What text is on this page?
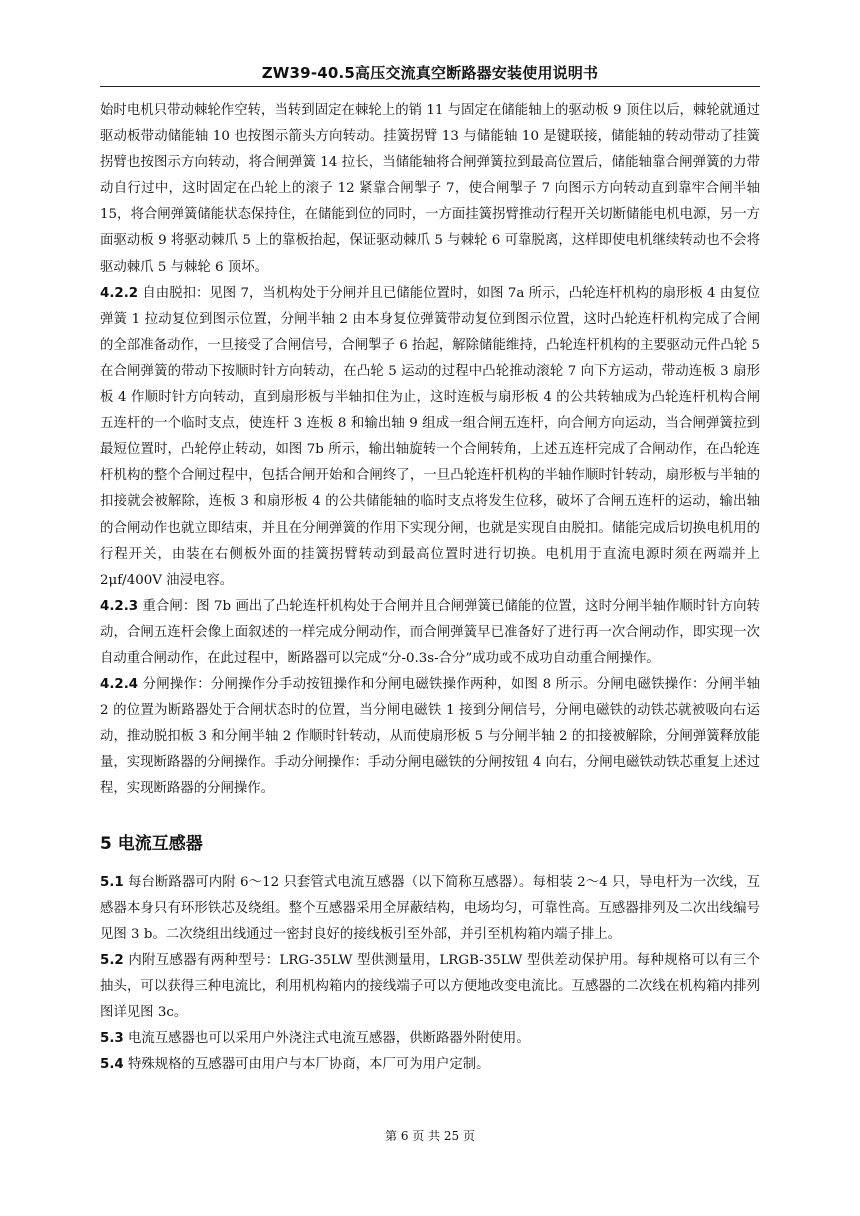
ZW39-40.5高压交流真空断路器安装使用说明书

始时电机只带动棘轮作空转，当转到固定在棘轮上的销 11 与固定在储能轴上的驱动板 9 顶住以后，棘轮就通过驱动板带动储能轴 10 也按图示箭头方向转动。挂簧拐臂 13 与储能轴 10 是键联接，储能轴的转动带动了挂簧拐臂也按图示方向转动，将合闸弹簧 14 拉长，当储能轴将合闸弹簧拉到最高位置后，储能轴靠合闸弹簧的力带动自行过中，这时固定在凸轮上的滚子 12 紧靠合闸掣子 7，使合闸掣子 7 向图示方向转动直到靠牢合闸半轴 15，将合闸弹簧储能状态保持住，在储能到位的同时，一方面挂簧拐臂推动行程开关切断储能电机电源，另一方面驱动板 9 将驱动棘爪 5 上的靠板抬起，保证驱动棘爪 5 与棘轮 6 可靠脱离，这样即使电机继续转动也不会将驱动棘爪 5 与棘轮 6 顶坏。

4.2.2 自由脱扣：见图 7，当机构处于分闸并且已储能位置时，如图 7a 所示，凸轮连杆机构的扇形板 4 由复位弹簧 1 拉动复位到图示位置，分闸半轴 2 由本身复位弹簧带动复位到图示位置，这时凸轮连杆机构完成了合闸的全部准备动作，一旦接受了合闸信号，合闸掣子 6 抬起，解除储能维持，凸轮连杆机构的主要驱动元件凸轮 5 在合闸弹簧的带动下按顺时针方向转动，在凸轮 5 运动的过程中凸轮推动滚轮 7 向下方运动，带动连板 3 扇形板 4 作顺时针方向转动，直到扇形板与半轴扣住为止，这时连板与扇形板 4 的公共转轴成为凸轮连杆机构合闸五连杆的一个临时支点，使连杆 3 连板 8 和输出轴 9 组成一组合闸五连杆，向合闸方向运动，当合闸弹簧拉到最短位置时，凸轮停止转动，如图 7b 所示，输出轴旋转一个合闸转角，上述五连杆完成了合闸动作，在凸轮连杆机构的整个合闸过程中，包括合闸开始和合闸终了，一旦凸轮连杆机构的半轴作顺时针转动，扇形板与半轴的扣接就会被解除，连板 3 和扇形板 4 的公共储能轴的临时支点将发生位移，破坏了合闸五连杆的运动，输出轴的合闸动作也就立即结束，并且在分闸弹簧的作用下实现分闸，也就是实现自由脱扣。储能完成后切换电机用的行程开关，由装在右侧板外面的挂簧拐臂转动到最高位置时进行切换。电机用于直流电源时须在两端并上 2μf/400V 油浸电容。

4.2.3 重合闸：图 7b 画出了凸轮连杆机构处于合闸并且合闸弹簧已储能的位置，这时分闸半轴作顺时针方向转动，合闸五连杆会像上面叙述的一样完成分闸动作，而合闸弹簧早已准备好了进行再一次合闸动作，即实现一次自动重合闸动作，在此过程中，断路器可以完成“分-0.3s-合分”成功或不成功自动重合闸操作。

4.2.4 分闸操作：分闸操作分手动按钮操作和分闸电磁铁操作两种，如图 8 所示。分闸电磁铁操作：分闸半轴 2 的位置为断路器处于合闸状态时的位置，当分闸电磁铁 1 接到分闸信号，分闸电磁铁的动铁芯就被吸向右运动，推动脱扣板 3 和分闸半轴 2 作顺时针转动，从而使扇形板 5 与分闸半轴 2 的扣接被解除，分闸弹簧释放能量，实现断路器的分闸操作。手动分闸操作：手动分闸电磁铁的分闸按钮 4 向右，分闸电磁铁动铁芯重复上述过程，实现断路器的分闸操作。

5 电流互感器

5.1 每台断路器可内附 6～12 只套管式电流互感器（以下简称互感器）。每相装 2～4 只，导电杆为一次线，互感器本身只有环形铁芯及绕组。整个互感器采用全屏蔽结构，电场均匀，可靠性高。互感器排列及二次出线编号见图 3 b。二次绕组出线通过一密封良好的接线板引至外部，并引至机构箱内端子排上。

5.2 内附互感器有两种型号：LRG-35LW 型供测量用，LRGB-35LW 型供差动保护用。每种规格可以有三个抽头，可以获得三种电流比，利用机构箱内的接线端子可以方便地改变电流比。互感器的二次线在机构箱内排列图详见图 3c。

5.3 电流互感器也可以采用户外浇注式电流互感器，供断路器外附使用。

5.4 特殊规格的互感器可由用户与本厂协商，本厂可为用户定制。

第 6 页 共 25 页
